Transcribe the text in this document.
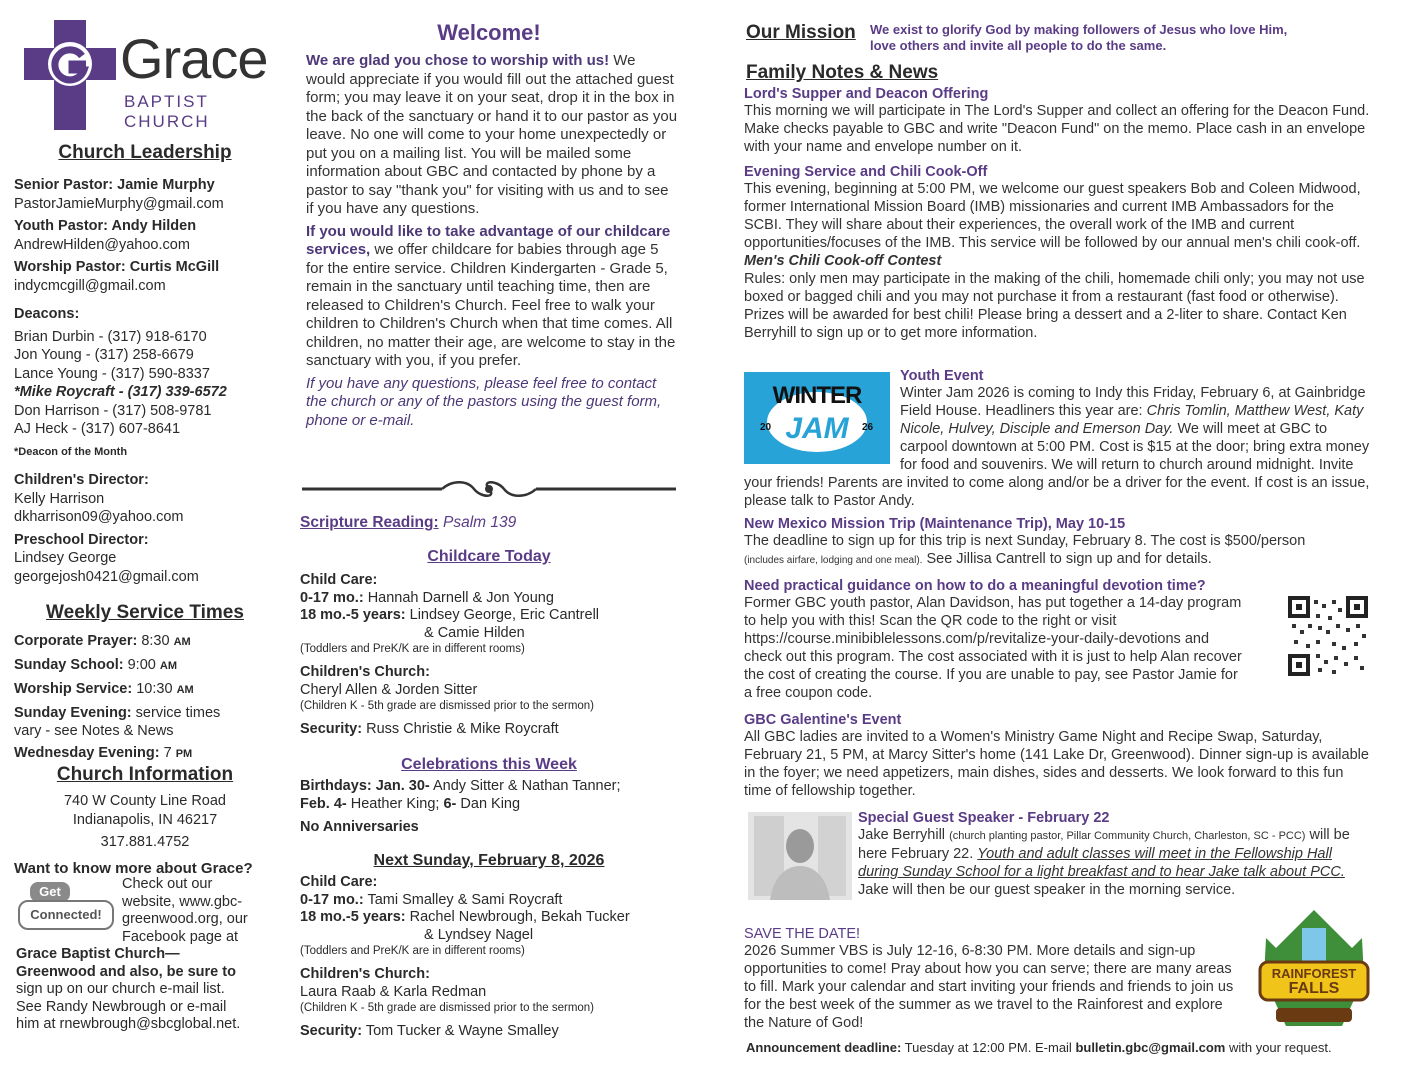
Grace
BAPTIST CHURCH
Church Leadership

Senior Pastor: Jamie Murphy

PastorJamieMurphy@gmail.com

Youth Pastor: Andy Hilden

AndrewHilden@yahoo.com

Worship Pastor: Curtis McGill

indycmcgill@gmail.com

Deacons:

Brian Durbin - (317) 918-6170

Jon Young - (317) 258-6679

Lance Young - (317) 590-8337

*Mike Roycraft - (317) 339-6572

Don Harrison - (317) 508-9781

AJ Heck - (317) 607-8641

*Deacon of the Month

Children's Director:

Kelly Harrison

dkharrison09@yahoo.com

Preschool Director:

Lindsey George

georgejosh0421@gmail.com

Weekly Service Times

Corporate Prayer: 8:30 AM

Sunday School: 9:00 AM

Worship Service: 10:30 AM

Sunday Evening: service times
vary - see Notes & News

Wednesday Evening: 7 PM

Church Information

740 W County Line Road

Indianapolis, IN 46217

317.881.4752

Want to know more about Grace?

Get
Connected!

Check out our

website, www.gbc-

greenwood.org, our

Facebook page at

Grace Baptist Church—

Greenwood and also, be sure to

sign up on our church e-mail list.

See Randy Newbrough or e-mail

him at rnewbrough@sbcglobal.net.

Welcome!

We are glad you chose to worship with us! We would appreciate if you would fill out the attached guest form; you may leave it on your seat, drop it in the box in the back of the sanctuary or hand it to our pastor as you leave. No one will come to your home unexpectedly or put you on a mailing list. You will be mailed some information about GBC and contacted by phone by a pastor to say "thank you" for visiting with us and to see if you have any questions.

If you would like to take advantage of our childcare services, we offer childcare for babies through age 5 for the entire service. Children Kindergarten - Grade 5, remain in the sanctuary until teaching time, then are released to Children's Church. Feel free to walk your children to Children's Church when that time comes. All children, no matter their age, are welcome to stay in the sanctuary with you, if you prefer.

If you have any questions, please feel free to contact the church or any of the pastors using the guest form, phone or e-mail.

Scripture Reading: Psalm 139

Childcare Today

Child Care:

0-17 mo.: Hannah Darnell & Jon Young

18 mo.-5 years: Lindsey George, Eric Cantrell

& Camie Hilden

(Toddlers and PreK/K are in different rooms)

Children's Church:

Cheryl Allen & Jorden Sitter

(Children K - 5th grade are dismissed prior to the sermon)

Security: Russ Christie & Mike Roycraft

Celebrations this Week

Birthdays: Jan. 30- Andy Sitter & Nathan Tanner;

Feb. 4- Heather King; 6- Dan King

No Anniversaries

Next Sunday, February 8, 2026

Child Care:

0-17 mo.: Tami Smalley & Sami Roycraft

18 mo.-5 years: Rachel Newbrough, Bekah Tucker

& Lyndsey Nagel

(Toddlers and PreK/K are in different rooms)

Children's Church:

Laura Raab & Karla Redman

(Children K - 5th grade are dismissed prior to the sermon)

Security: Tom Tucker & Wayne Smalley

Our Mission We exist to glorify God by making followers of Jesus who love Him,

love others and invite all people to do the same.

Family Notes & News

Lord's Supper and Deacon Offering

This morning we will participate in The Lord's Supper and collect an offering for the Deacon Fund. Make checks payable to GBC and write "Deacon Fund" on the memo. Place cash in an envelope with your name and envelope number on it.

Evening Service and Chili Cook-Off

This evening, beginning at 5:00 PM, we welcome our guest speakers Bob and Coleen Midwood, former International Mission Board (IMB) missionaries and current IMB Ambassadors for the SCBI. They will share about their experiences, the overall work of the IMB and current opportunities/focuses of the IMB. This service will be followed by our annual men's chili cook-off.

Men's Chili Cook-off Contest

Rules: only men may participate in the making of the chili, homemade chili only; you may not use boxed or bagged chili and you may not purchase it from a restaurant (fast food or otherwise). Prizes will be awarded for best chili! Please bring a dessert and a 2-liter to share. Contact Ken Berryhill to sign up or to get more information.

WINTER
JAM
20	26

Youth Event

Winter Jam 2026 is coming to Indy this Friday, February 6, at Gainbridge Field House. Headliners this year are: Chris Tomlin, Matthew West, Katy Nicole, Hulvey, Disciple and Emerson Day. We will meet at GBC to carpool downtown at 5:00 PM. Cost is $15 at the door; bring extra money for food and souvenirs. We will return to church around midnight. Invite your friends! Parents are invited to come along and/or be a driver for the event. If cost is an issue, please talk to Pastor Andy.

New Mexico Mission Trip (Maintenance Trip), May 10-15

The deadline to sign up for this trip is next Sunday, February 8. The cost is $500/person
(includes airfare, lodging and one meal). See Jillisa Cantrell to sign up and for details.

Need practical guidance on how to do a meaningful devotion time?

Former GBC youth pastor, Alan Davidson, has put together a 14-day program to help you with this! Scan the QR code to the right or visit https://course.minibiblelessons.com/p/revitalize-your-daily-devotions and check out this program. The cost associated with it is just to help Alan recover the cost of creating the course. If you are unable to pay, see Pastor Jamie for a free coupon code.

GBC Galentine's Event

All GBC ladies are invited to a Women's Ministry Game Night and Recipe Swap, Saturday, February 21, 5 PM, at Marcy Sitter's home (141 Lake Dr, Greenwood). Dinner sign-up is available in the foyer; we need appetizers, main dishes, sides and desserts. We look forward to this fun time of fellowship together.

Special Guest Speaker - February 22

Jake Berryhill (church planting pastor, Pillar Community Church, Charleston, SC - PCC) will be here February 22. Youth and adult classes will meet in the Fellowship Hall during Sunday School for a light breakfast and to hear Jake talk about PCC. Jake will then be our guest speaker in the morning service.

SAVE THE DATE!

2026 Summer VBS is July 12-16, 6-8:30 PM. More details and sign-up opportunities to come! Pray about how you can serve; there are many areas to fill. Mark your calendar and start inviting your friends and friends to join us for the best week of the summer as we travel to the Rainforest and explore the Nature of God!

RAINFOREST
FALLS
Announcement deadline: Tuesday at 12:00 PM. E-mail bulletin.gbc@gmail.com with your request.
